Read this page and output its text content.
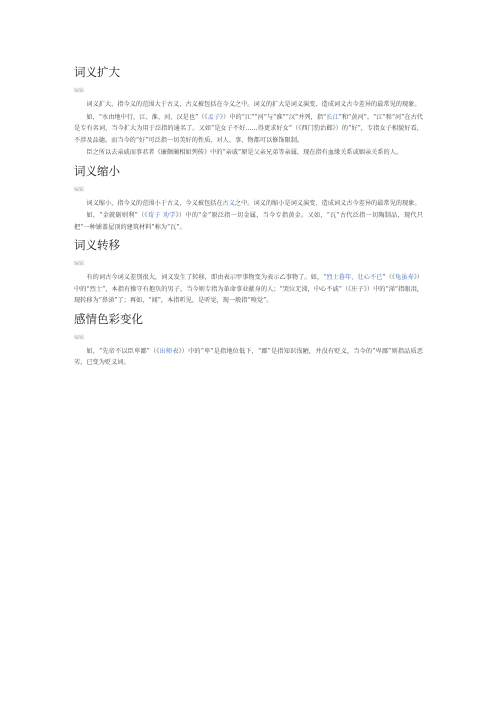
词义扩大
编辑

词义扩大，指今义的范围大于古义，古义被包括在今义之中。词义的扩大是词义演变、造成词义古今差异的最常见的现象。

如，“水由地中行，江、淮、河、汉是也”（《孟子》）中的“江”“河”与“淮”“汉”并列，指“长江”和“黄河”。“江”和“河”在古代是专有名词，当今扩大为用于泛指的通名了。又如“是女子不好……得更求好女”（《西门豹治邺》）的“好”，专指女子相貌好看，不涉及品德。而当今的“好”可泛指一切美好的性质，对人、事、物都可以修饰限制。

臣之所以去亲戚而事君者《廉颇蔺相如列传》中的“亲戚”原是父亲兄弟等亲属，现在指有血缘关系或姻亲关系的人。

词义缩小
编辑

词义缩小，指今义的范围小于古义，今义被包括在古义之中。词义的缩小是词义演变、造成词义古今差异的最常见的现象。

如，“金就砺则利”（《荀子 劝学》）中的“金”原泛指一切金属，当今专指黄金。又如，“瓦”古代泛指一切陶制品，现代只把“一种铺盖屋顶的建筑材料”称为“瓦”。

词义转移
编辑

有的词古今词义差别很大，词义发生了转移，即由表示甲事物变为表示乙事物了。如，“烈士暮年，壮心不已”（《龟虽寿》）中的“烈士”，本指有操守有抱负的男子，当今则专指为革命事业献身的人；“哭泣无涕，中心不戚”（《庄子》）中的“涕”指眼泪，现转移为“鼻涕”了；再如，“闻”，本指听见，是听觉，现一般指“嗅觉”。

感情色彩变化
编辑

如，“先帝不以臣卑鄙”（《出师表》）中的“卑”是指地位低下，“鄙”是指知识浅陋，并没有贬义，当今的“卑鄙”则指品质恶劣，已变为贬义词。
